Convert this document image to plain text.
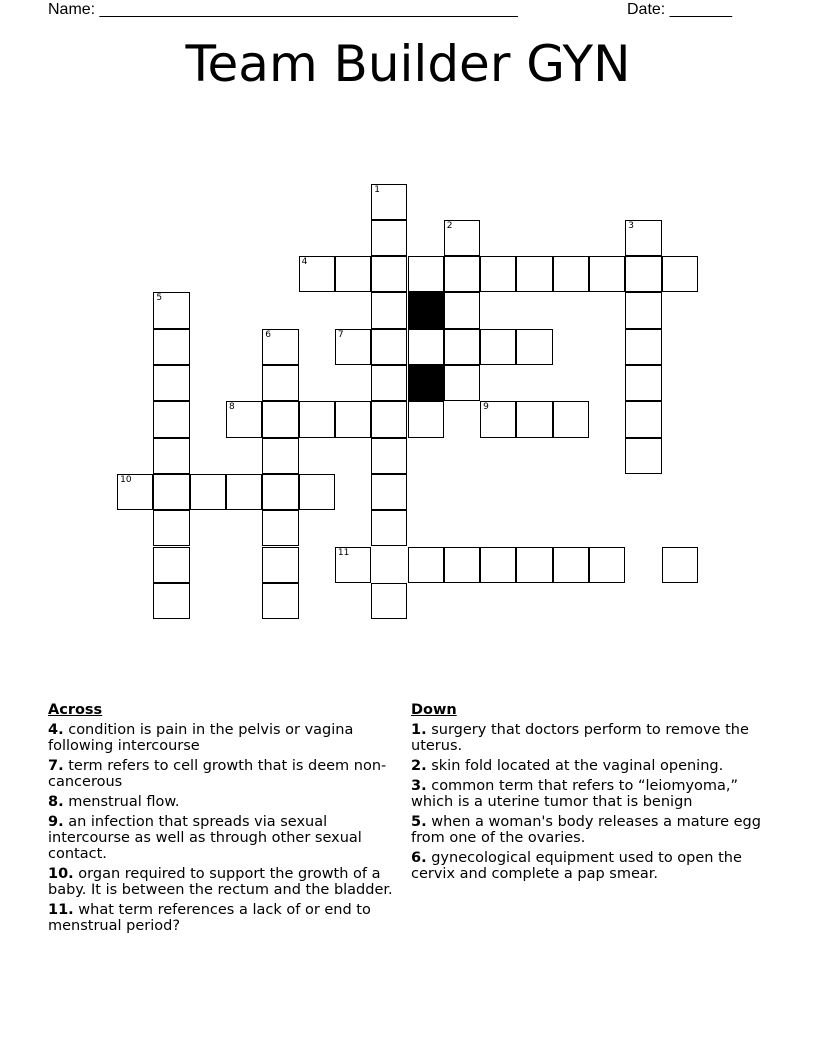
Name: _______________________________________________	Date: _______
Team Builder GYN
1
2	3
4
5
6	7
8	9
10
11
Across
4. condition is pain in the pelvis or vagina following intercourse
7. term refers to cell growth that is deem non-cancerous
8. menstrual flow.
9. an infection that spreads via sexual intercourse as well as through other sexual contact.
10. organ required to support the growth of a baby. It is between the rectum and the bladder.
11. what term references a lack of or end to menstrual period?
Down
1. surgery that doctors perform to remove the uterus.
2. skin fold located at the vaginal opening.
3. common term that refers to “leiomyoma,” which is a uterine tumor that is benign
5. when a woman's body releases a mature egg from one of the ovaries.
6. gynecological equipment used to open the cervix and complete a pap smear.
